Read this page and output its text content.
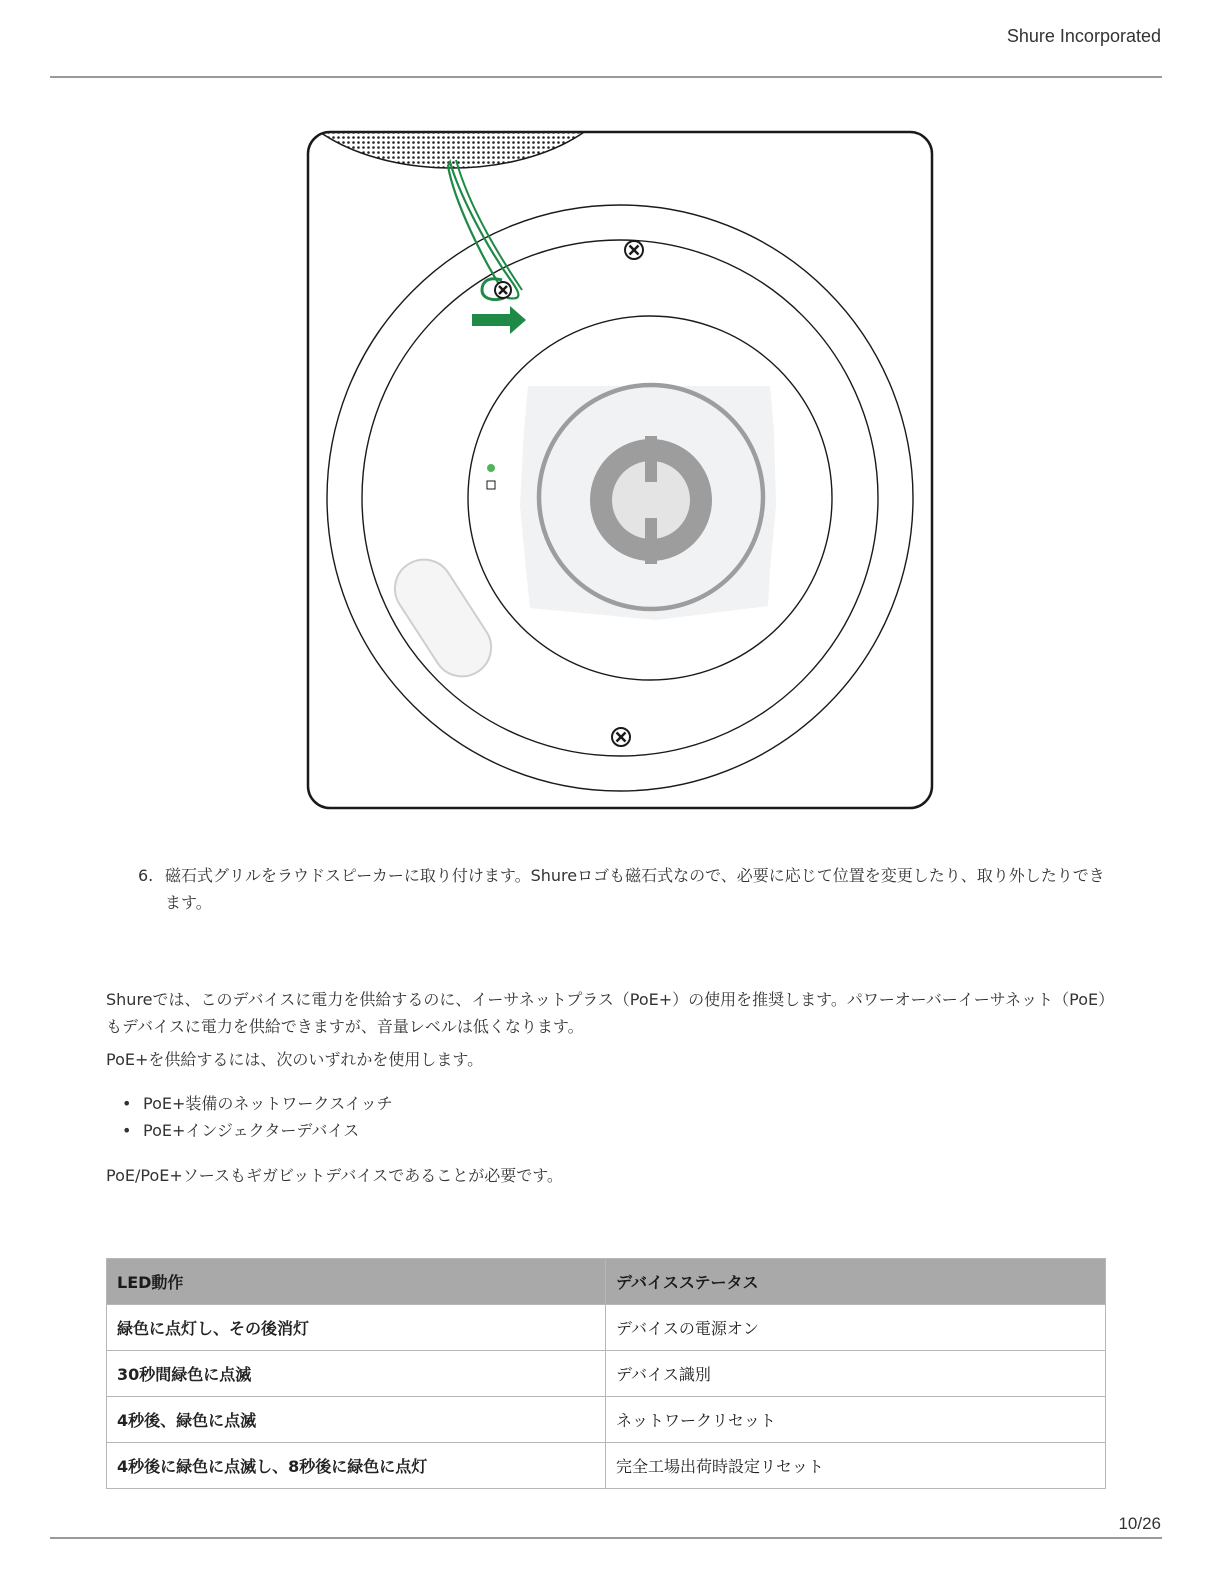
Shure Incorporated
6. 磁石式グリルをラウドスピーカーに取り付けます。Shureロゴも磁石式なので、必要に応じて位置を変更したり、取り外したりできます。

Shureでは、このデバイスに電力を供給するのに、イーサネットプラス（PoE+）の使用を推奨します。パワーオーバーイーサネット（PoE）もデバイスに電力を供給できますが、音量レベルは低くなります。

PoE+を供給するには、次のいずれかを使用します。

• PoE+装備のネットワークスイッチ
• PoE+インジェクターデバイス

PoE/PoE+ソースもギガビットデバイスであることが必要です。

LED動作	デバイスステータス
緑色に点灯し、その後消灯	デバイスの電源オン
30秒間緑色に点滅	デバイス識別
4秒後、緑色に点滅	ネットワークリセット
4秒後に緑色に点滅し、8秒後に緑色に点灯	完全工場出荷時設定リセット
10/26
